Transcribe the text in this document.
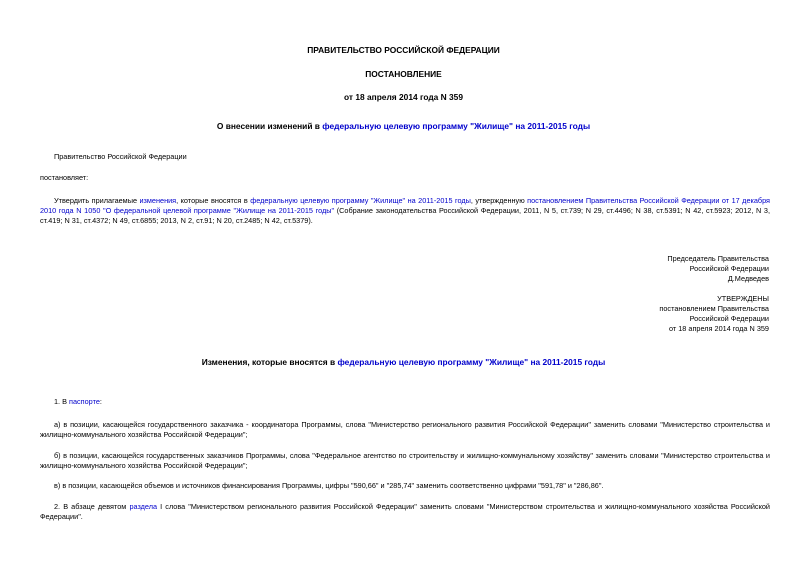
ПРАВИТЕЛЬСТВО РОССИЙСКОЙ ФЕДЕРАЦИИ
ПОСТАНОВЛЕНИЕ
от 18 апреля 2014 года N 359
О внесении изменений в федеральную целевую программу "Жилище" на 2011-2015 годы
Правительство Российской Федерации
постановляет:
Утвердить прилагаемые изменения, которые вносятся в федеральную целевую программу "Жилище" на 2011-2015 годы, утвержденную постановлением Правительства Российской Федерации от 17 декабря 2010 года N 1050 "О федеральной целевой программе "Жилище на 2011-2015 годы" (Собрание законодательства Российской Федерации, 2011, N 5, ст.739; N 29, ст.4496; N 38, ст.5391; N 42, ст.5923; 2012, N 3, ст.419; N 31, ст.4372; N 49, ст.6855; 2013, N 2, ст.91; N 20, ст.2485; N 42, ст.5379).
Председатель Правительства
Российской Федерации
Д.Медведев
УТВЕРЖДЕНЫ
постановлением Правительства
Российской Федерации
от 18 апреля 2014 года N 359
Изменения, которые вносятся в федеральную целевую программу "Жилище" на 2011-2015 годы
1. В паспорте:
а) в позиции, касающейся государственного заказчика - координатора Программы, слова "Министерство регионального развития Российской Федерации" заменить словами "Министерство строительства и жилищно-коммунального хозяйства Российской Федерации";
б) в позиции, касающейся государственных заказчиков Программы, слова "Федеральное агентство по строительству и жилищно-коммунальному хозяйству" заменить словами "Министерство строительства и жилищно-коммунального хозяйства Российской Федерации";
в) в позиции, касающейся объемов и источников финансирования Программы, цифры "590,66" и "285,74" заменить соответственно цифрами "591,78" и "286,86".
2. В абзаце девятом раздела I слова "Министерством регионального развития Российской Федерации" заменить словами "Министерством строительства и жилищно-коммунального хозяйства Российской Федерации".
